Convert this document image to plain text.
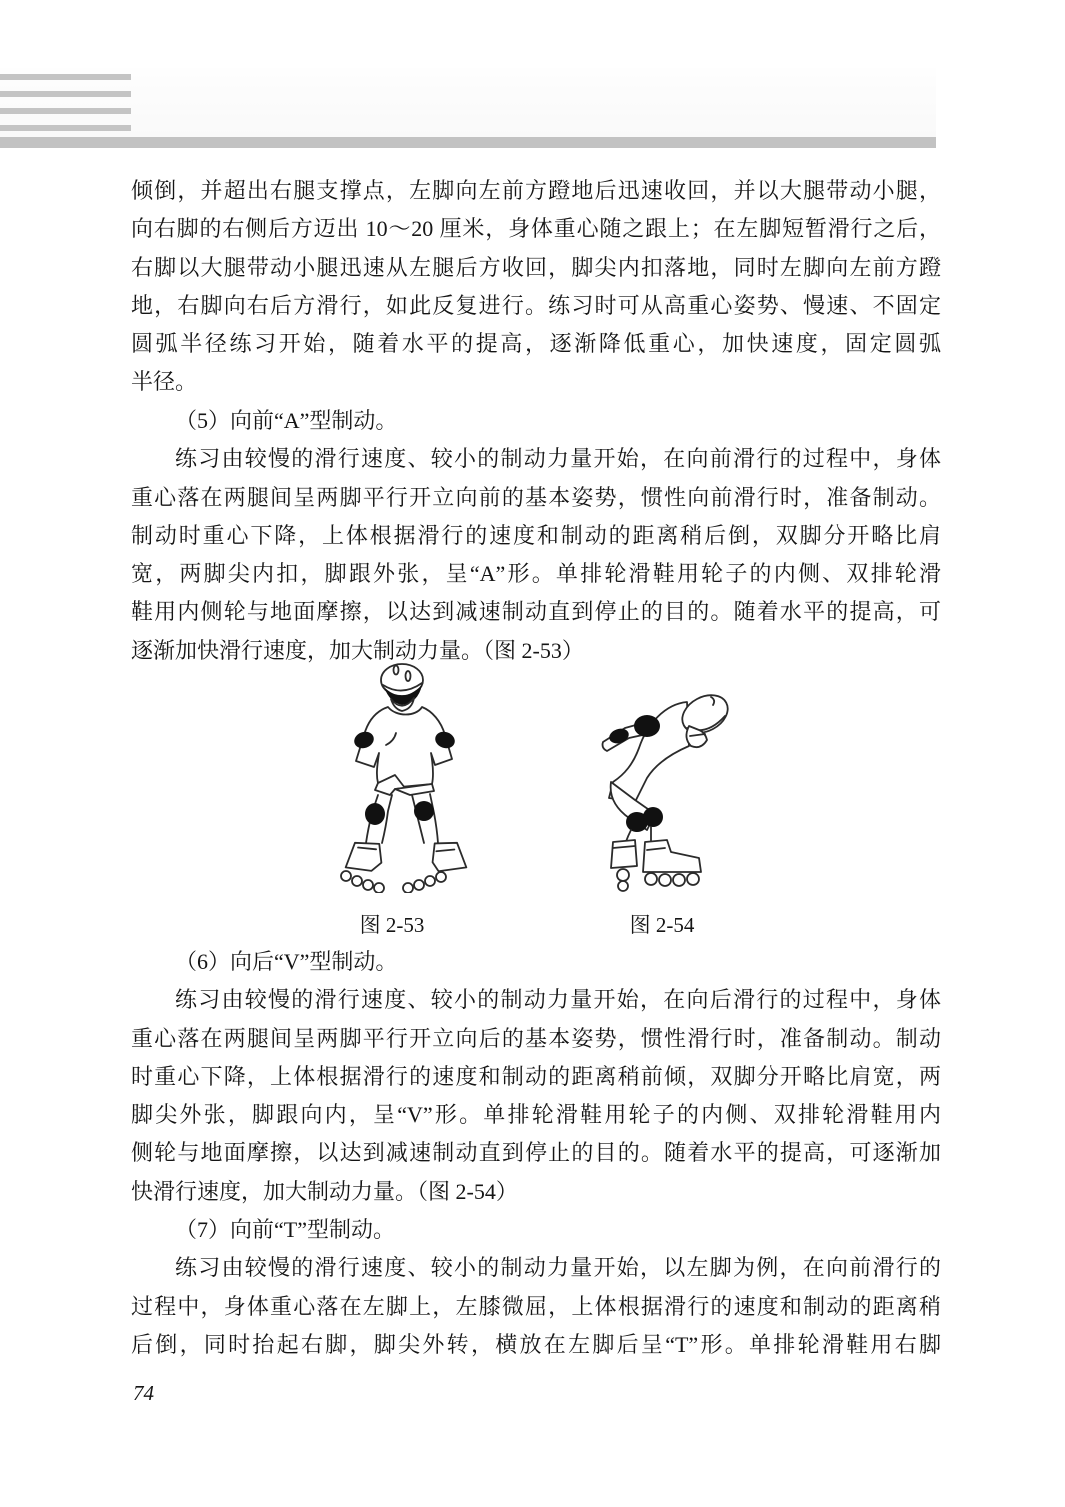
倾倒，并超出右腿支撑点，左脚向左前方蹬地后迅速收回，并以大腿带动小腿，
向右脚的右侧后方迈出 10～20 厘米，身体重心随之跟上；在左脚短暂滑行之后，
右脚以大腿带动小腿迅速从左腿后方收回，脚尖内扣落地，同时左脚向左前方蹬
地，右脚向右后方滑行，如此反复进行。练习时可从高重心姿势、慢速、不固定
圆弧半径练习开始，随着水平的提高，逐渐降低重心，加快速度，固定圆弧
半径。
（5）向前“A”型制动。
练习由较慢的滑行速度、较小的制动力量开始，在向前滑行的过程中，身体
重心落在两腿间呈两脚平行开立向前的基本姿势，惯性向前滑行时，准备制动。
制动时重心下降，上体根据滑行的速度和制动的距离稍后倒，双脚分开略比肩
宽，两脚尖内扣，脚跟外张，呈“A”形。单排轮滑鞋用轮子的内侧、双排轮滑
鞋用内侧轮与地面摩擦，以达到减速制动直到停止的目的。随着水平的提高，可
逐渐加快滑行速度，加大制动力量。（图 2-53）
图 2-53	图 2-54
（6）向后“V”型制动。
练习由较慢的滑行速度、较小的制动力量开始，在向后滑行的过程中，身体
重心落在两腿间呈两脚平行开立向后的基本姿势，惯性滑行时，准备制动。制动
时重心下降，上体根据滑行的速度和制动的距离稍前倾，双脚分开略比肩宽，两
脚尖外张，脚跟向内，呈“V”形。单排轮滑鞋用轮子的内侧、双排轮滑鞋用内
侧轮与地面摩擦，以达到减速制动直到停止的目的。随着水平的提高，可逐渐加
快滑行速度，加大制动力量。（图 2-54）
（7）向前“T”型制动。
练习由较慢的滑行速度、较小的制动力量开始，以左脚为例，在向前滑行的
过程中，身体重心落在左脚上，左膝微屈，上体根据滑行的速度和制动的距离稍
后倒，同时抬起右脚，脚尖外转，横放在左脚后呈“T”形。单排轮滑鞋用右脚
74
